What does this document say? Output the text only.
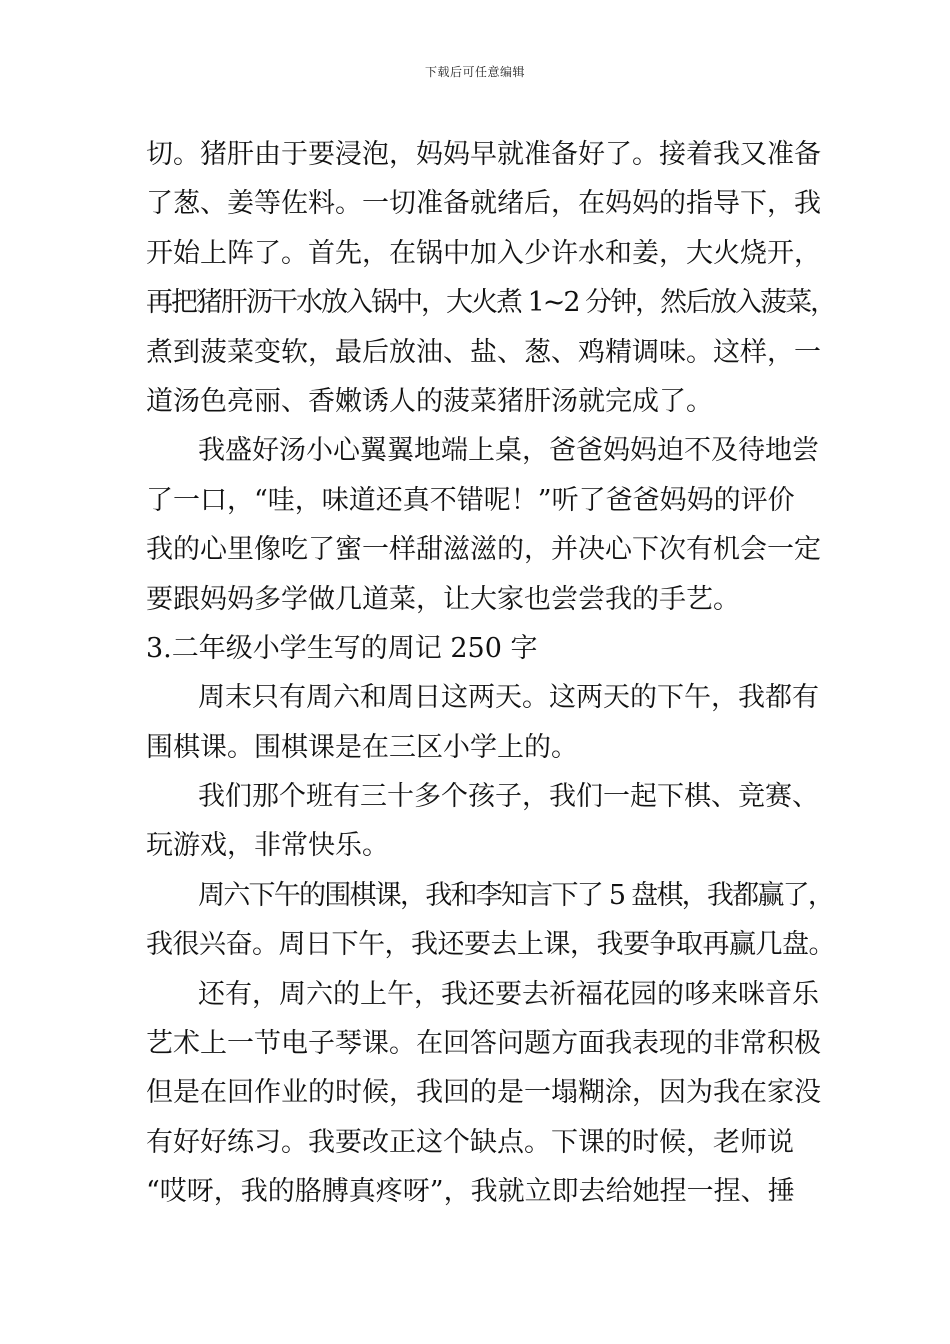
下载后可任意编辑
切。猪肝由于要浸泡，妈妈早就准备好了。接着我又准备
了葱、姜等佐料。一切准备就绪后，在妈妈的指导下，我
开始上阵了。首先，在锅中加入少许水和姜，大火烧开，
再把猪肝沥干水放入锅中，大火煮 1~2 分钟，然后放入菠菜，
煮到菠菜变软，最后放油、盐、葱、鸡精调味。这样，一
道汤色亮丽、香嫩诱人的菠菜猪肝汤就完成了。
我盛好汤小心翼翼地端上桌，爸爸妈妈迫不及待地尝
了一口，“哇，味道还真不错呢！”听了爸爸妈妈的评价
我的心里像吃了蜜一样甜滋滋的，并决心下次有机会一定
要跟妈妈多学做几道菜，让大家也尝尝我的手艺。
3.二年级小学生写的周记 250 字
周末只有周六和周日这两天。这两天的下午，我都有
围棋课。围棋课是在三区小学上的。
我们那个班有三十多个孩子，我们一起下棋、竞赛、
玩游戏，非常快乐。
周六下午的围棋课，我和李知言下了 5 盘棋，我都赢了，
我很兴奋。周日下午，我还要去上课，我要争取再赢几盘。
还有，周六的上午，我还要去祈福花园的哆来咪音乐
艺术上一节电子琴课。在回答问题方面我表现的非常积极
但是在回作业的时候，我回的是一塌糊涂，因为我在家没
有好好练习。我要改正这个缺点。下课的时候，老师说
“哎呀，我的胳膊真疼呀”，我就立即去给她捏一捏、捶
